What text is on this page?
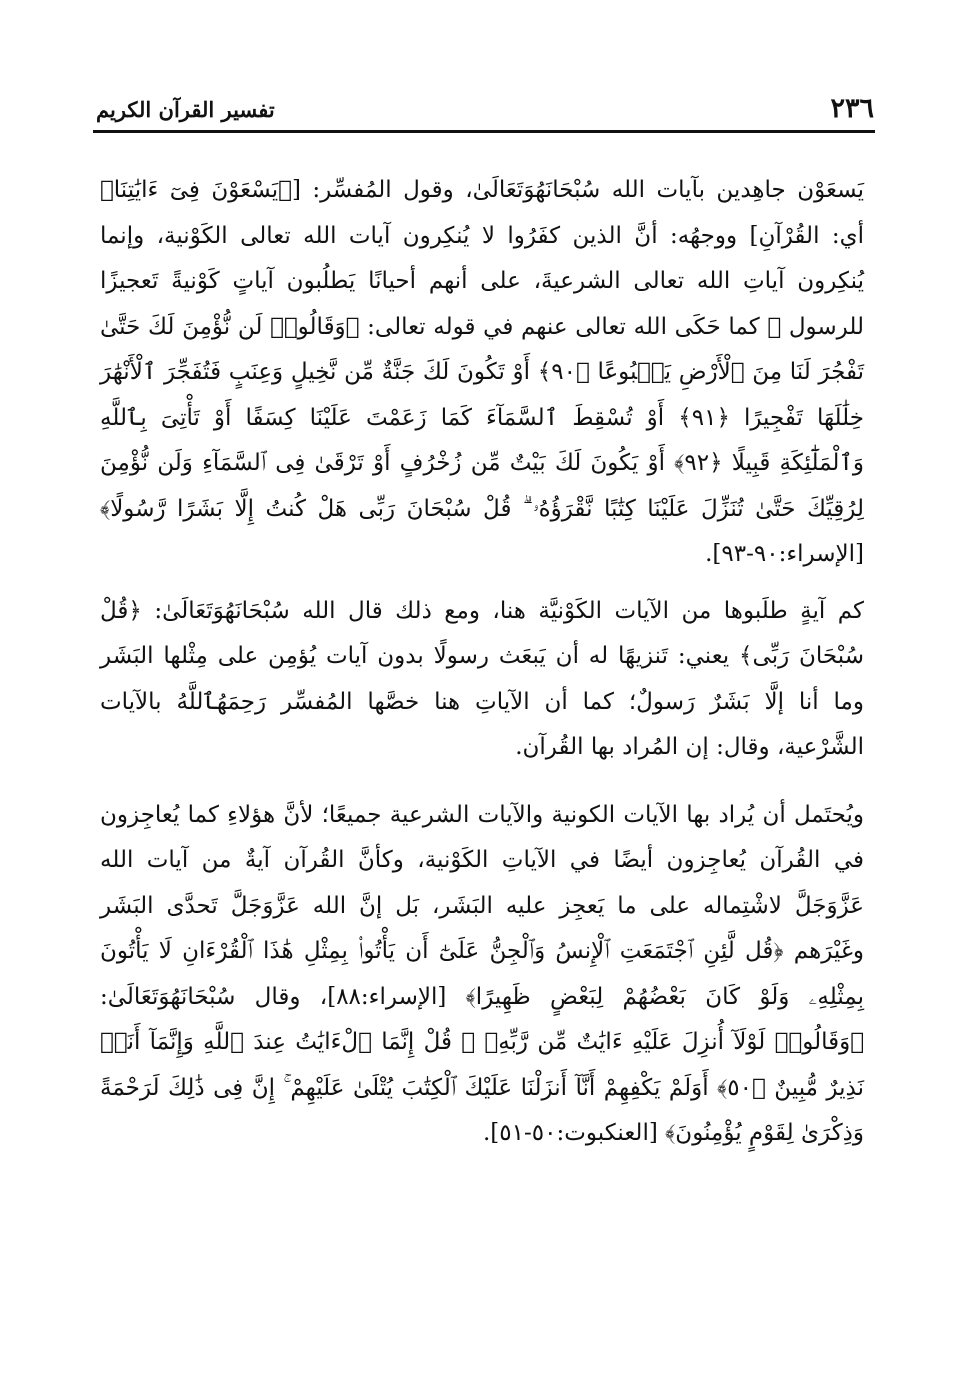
٢٣٦
تفسير القرآن الكريم

يَسعَوْن جاهِدين بآيات الله سُبْحَانَهُوَتَعَالَىٰ، وقول المُفسِّر: [﴿يَسْعَوْنَ فِىٓ ءَايَٰتِنَا﴾ أي: القُرْآنِ] ووجهُه: أنَّ الذين كفَرُوا لا يُنكِرون آيات الله تعالى الكَوْنية، وإنما يُنكِرون آياتِ الله تعالى الشرعيةَ، على أنهم أحيانًا يَطلُبون آياتٍ كَوْنيةً تَعجيزًا للرسول ﷺ كما حَكَى الله تعالى عنهم في قوله تعالى: ﴿وَقَالُوا۟ لَن نُّؤْمِنَ لَكَ حَتَّىٰ تَفْجُرَ لَنَا مِنَ ٱلْأَرْضِ يَنۢبُوعًا ﴿٩٠﴾ أَوْ تَكُونَ لَكَ جَنَّةٌ مِّن نَّخِيلٍ وَعِنَبٍ فَتُفَجِّرَ ٱلْأَنْهَٰرَ خِلَٰلَهَا تَفْجِيرًا ﴿٩١﴾ أَوْ تُسْقِطَ ٱلسَّمَآءَ كَمَا زَعَمْتَ عَلَيْنَا كِسَفًا أَوْ تَأْتِىَ بِٱللَّهِ وَٱلْمَلَٰٓئِكَةِ قَبِيلًا ﴿٩٢﴾ أَوْ يَكُونَ لَكَ بَيْتٌ مِّن زُخْرُفٍ أَوْ تَرْقَىٰ فِى ٱلسَّمَآءِ وَلَن نُّؤْمِنَ لِرُقِيِّكَ حَتَّىٰ تُنَزِّلَ عَلَيْنَا كِتَٰبًا نَّقْرَؤُهُۥ ۗ قُلْ سُبْحَانَ رَبِّى هَلْ كُنتُ إِلَّا بَشَرًا رَّسُولًا﴾ [الإسراء:٩٠-٩٣].

كم آيةٍ طلَبوها من الآيات الكَوْنيَّة هنا، ومع ذلك قال الله سُبْحَانَهُوَتَعَالَىٰ: ﴿قُلْ سُبْحَانَ رَبِّى﴾ يعني: تَنزيهًا له أن يَبعَث رسولًا بدون آيات يُؤمِن على مِثْلها البَشَر وما أنا إلَّا بَشَرٌ رَسولٌ؛ كما أن الآياتِ هنا خصَّها المُفسِّر رَحِمَهُٱللَّهُ بالآيات الشَّرْعية، وقال: إن المُراد بها القُرآن.

ويُحتَمل أن يُراد بها الآيات الكونية والآيات الشرعية جميعًا؛ لأنَّ هؤلاءِ كما يُعاجِزون في القُرآن يُعاجِزون أيضًا في الآياتِ الكَوْنية، وكأنَّ القُرآن آيةٌ من آيات الله عَزَّوَجَلَّ لاشْتِماله على ما يَعجِز عليه البَشَر، بَل إنَّ الله عَزَّوَجَلَّ تَحدَّى البَشَر وغَيْرَهم ﴿قُل لَّئِنِ ٱجْتَمَعَتِ ٱلْإِنسُ وَٱلْجِنُّ عَلَىٰٓ أَن يَأْتُوا۟ بِمِثْلِ هَٰذَا ٱلْقُرْءَانِ لَا يَأْتُونَ بِمِثْلِهِۦ وَلَوْ كَانَ بَعْضُهُمْ لِبَعْضٍ ظَهِيرًا﴾ [الإسراء:٨٨]، وقال سُبْحَانَهُوَتَعَالَىٰ: ﴿وَقَالُوا۟ لَوْلَآ أُنزِلَ عَلَيْهِ ءَايَٰتٌ مِّن رَّبِّهِۦ ۖ قُلْ إِنَّمَا ٱلْءَايَٰتُ عِندَ ٱللَّهِ وَإِنَّمَآ أَنَا۠ نَذِيرٌ مُّبِينٌ ﴿٥٠﴾ أَوَلَمْ يَكْفِهِمْ أَنَّآ أَنزَلْنَا عَلَيْكَ ٱلْكِتَٰبَ يُتْلَىٰ عَلَيْهِمْ ۚ إِنَّ فِى ذَٰلِكَ لَرَحْمَةً وَذِكْرَىٰ لِقَوْمٍ يُؤْمِنُونَ﴾ [العنكبوت:٥٠-٥١].
